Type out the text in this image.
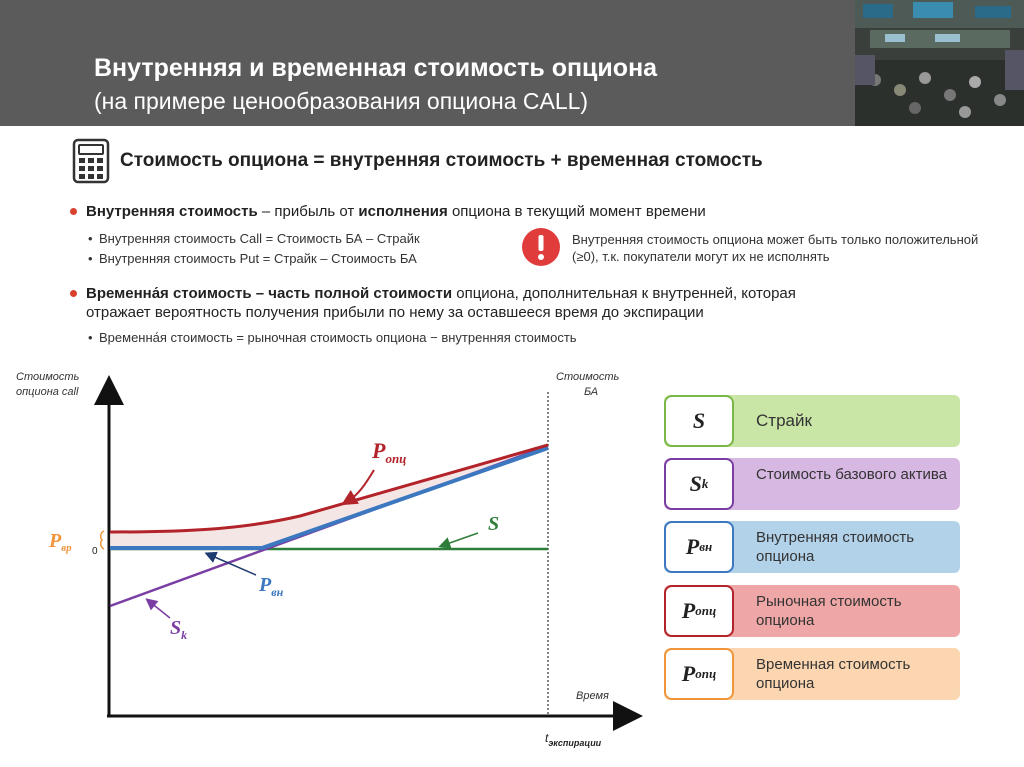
Внутренняя и временная стоимость опциона
(на примере ценообразования опциона CALL)
Стоимость опциона = внутренняя стоимость + временная стомость
Внутренняя стоимость – прибыль от исполнения опциона в текущий момент времени
• Внутренняя стоимость Call = Стоимость БА – Страйк
• Внутренняя стоимость Put = Страйк – Стоимость БА
Внутренняя стоимость опциона может быть только положительной (≥0), т.к. покупатели могут их не исполнять
Временна́я стоимость – часть полной стоимости опциона, дополнительная к внутренней, которая
отражает вероятность получения прибыли по нему за оставшееся время до экспирации
• Временна́я стоимость = рыночная стоимость опциона − внутренняя стоимость
Стоимость
опциона call
Стоимость
БА
Время
$t_{экспирации}$
0
$P_{вр}$
$P_{опц}$
S
$P_{вн}$
$S_k$
S	Страйк
S k
Стоимость базового актива
P вн
Внутренняя стоимость опциона
P опц
Рыночная стоимость опциона
P опц
Временная стоимость опциона
